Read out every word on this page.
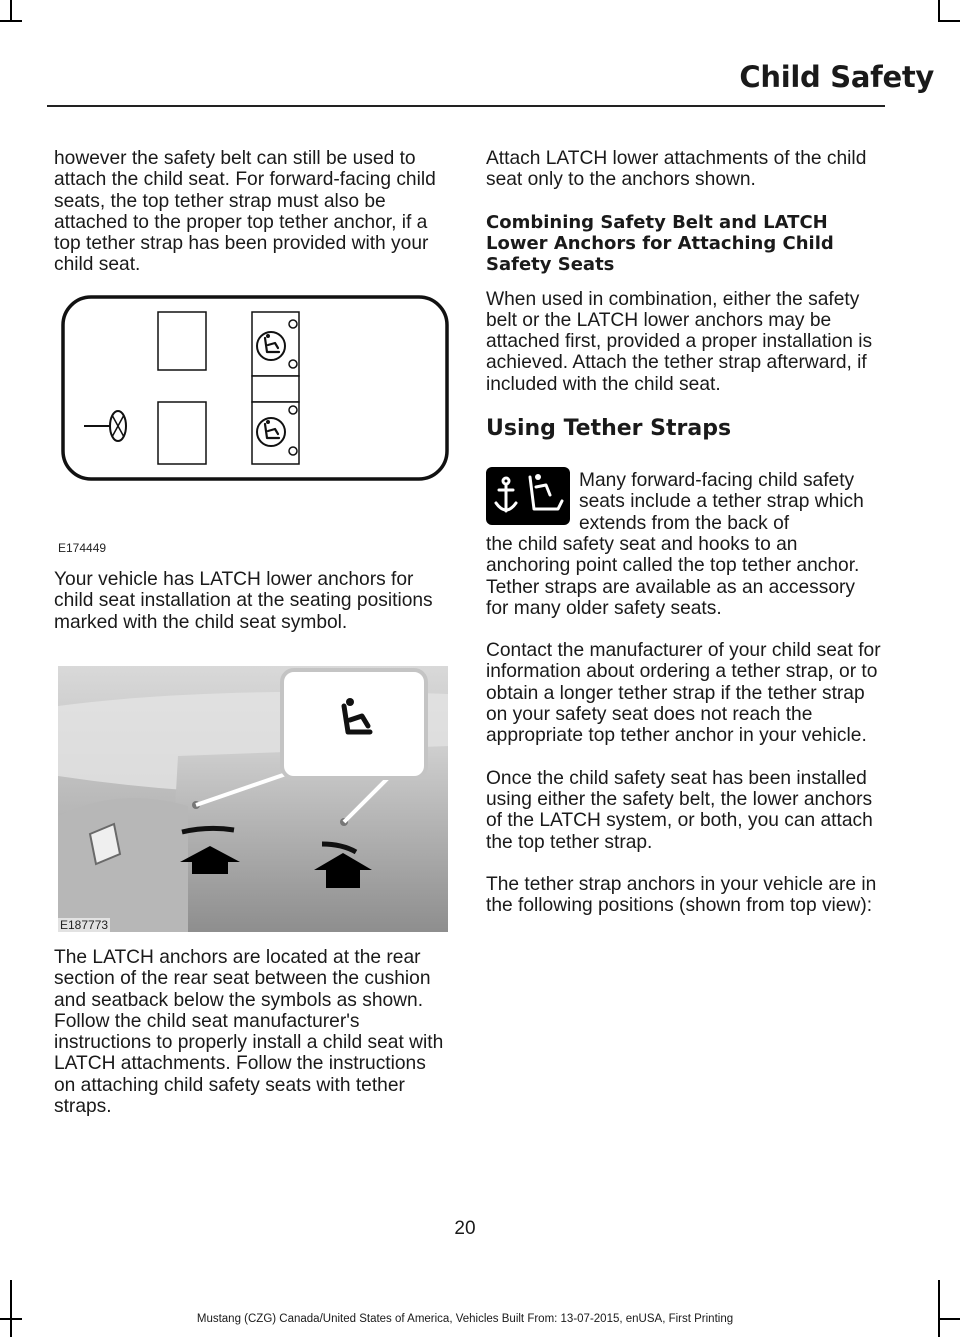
Child Safety

however the safety belt can still be used to attach the child seat. For forward-facing child seats, the top tether strap must also be attached to the proper top tether anchor, if a top tether strap has been provided with your child seat.

E174449

Your vehicle has LATCH lower anchors for child seat installation at the seating positions marked with the child seat symbol.

E187773

The LATCH anchors are located at the rear section of the rear seat between the cushion and seatback below the symbols as shown. Follow the child seat manufacturer's instructions to properly install a child seat with LATCH attachments. Follow the instructions on attaching child safety seats with tether straps.

Attach LATCH lower attachments of the child seat only to the anchors shown.

Combining Safety Belt and LATCH Lower Anchors for Attaching Child Safety Seats

When used in combination, either the safety belt or the LATCH lower anchors may be attached first, provided a proper installation is achieved. Attach the tether strap afterward, if included with the child seat.

Using Tether Straps

Many forward-facing child safety seats include a tether strap which extends from the back of

the child safety seat and hooks to an anchoring point called the top tether anchor. Tether straps are available as an accessory for many older safety seats.

Contact the manufacturer of your child seat for information about ordering a tether strap, or to obtain a longer tether strap if the tether strap on your safety seat does not reach the appropriate top tether anchor in your vehicle.

Once the child safety seat has been installed using either the safety belt, the lower anchors of the LATCH system, or both, you can attach the top tether strap.

The tether strap anchors in your vehicle are in the following positions (shown from top view):

20
Mustang (CZG) Canada/United States of America, Vehicles Built From: 13-07-2015, enUSA, First Printing
